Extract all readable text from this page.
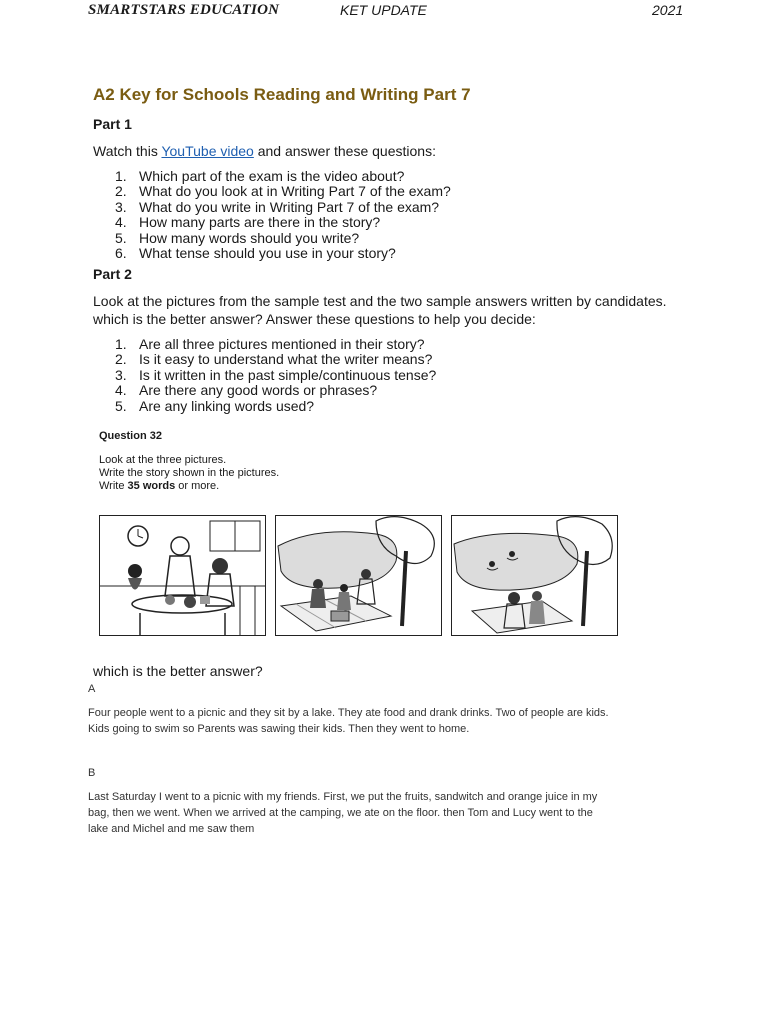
SMARTSTARS EDUCATION	KET UPDATE	2021
A2 Key for Schools Reading and Writing Part 7
Part 1

Watch this YouTube video and answer these questions:

1. Which part of the exam is the video about?
2. What do you look at in Writing Part 7 of the exam?
3. What do you write in Writing Part 7 of the exam?
4. How many parts are there in the story?
5. How many words should you write?
6. What tense should you use in your story?
Part 2

Look at the pictures from the sample test and the two sample answers written by candidates.

which is the better answer? Answer these questions to help you decide:

1. Are all three pictures mentioned in their story?
2. Is it easy to understand what the writer means?
3. Is it written in the past simple/continuous tense?
4. Are there any good words or phrases?
5. Are any linking words used?

Question 32

Look at the three pictures.

Write the story shown in the pictures.

Write 35 words or more.

which is the better answer?

A

Four people went to a picnic and they sit by a lake. They ate food and drank drinks. Two of people are kids.

Kids going to swim so Parents was sawing their kids. Then they went to home.

B

Last Saturday I went to a picnic with my friends. First, we put the fruits, sandwitch and orange juice in my

bag, then we went. When we arrived at the camping, we ate on the floor. then Tom and Lucy went to the

lake and Michel and me saw them
